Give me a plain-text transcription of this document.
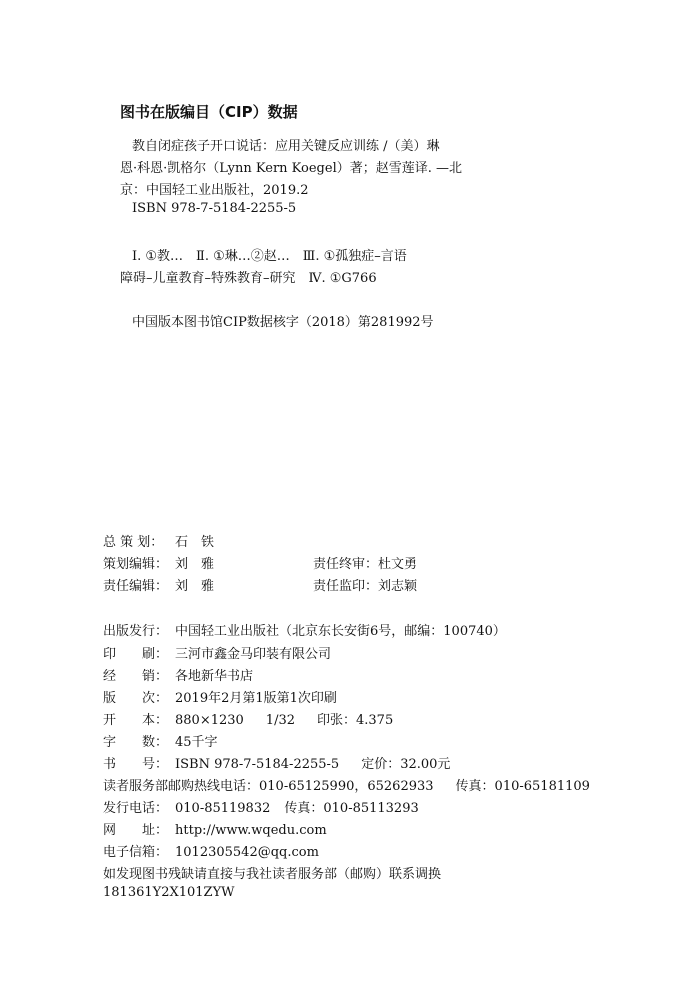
图书在版编目（CIP）数据
教自闭症孩子开口说话：应用关键反应训练 /（美）琳
恩·科恩·凯格尔（Lynn Kern Koegel）著；赵雪莲译. —北
京：中国轻工业出版社，2019.2
ISBN 978-7-5184-2255-5
Ⅰ. ①教…　Ⅱ. ①琳…②赵…　Ⅲ. ①孤独症–言语
障碍–儿童教育–特殊教育–研究　Ⅳ. ①G766
中国版本图书馆CIP数据核字（2018）第281992号
总 策 划： 石　铁
策划编辑： 刘　雅	责任终审：杜文勇
责任编辑： 刘　雅	责任监印：刘志颖
出版发行： 中国轻工业出版社（北京东长安街6号，邮编：100740）
印　　刷： 三河市鑫金马印装有限公司
经　　销： 各地新华书店
版　　次： 2019年2月第1版第1次印刷
开　　本： 880×1230 1/32 印张：4.375
字　　数： 45千字
书　　号： ISBN 978-7-5184-2255-5 定价：32.00元
读者服务部邮购热线电话：010-65125990，65262933 传真：010-65181109
发行电话： 010-85119832 传真：010-85113293
网　　址： http://www.wqedu.com
电子信箱： 1012305542@qq.com
如发现图书残缺请直接与我社读者服务部（邮购）联系调换
181361Y2X101ZYW
